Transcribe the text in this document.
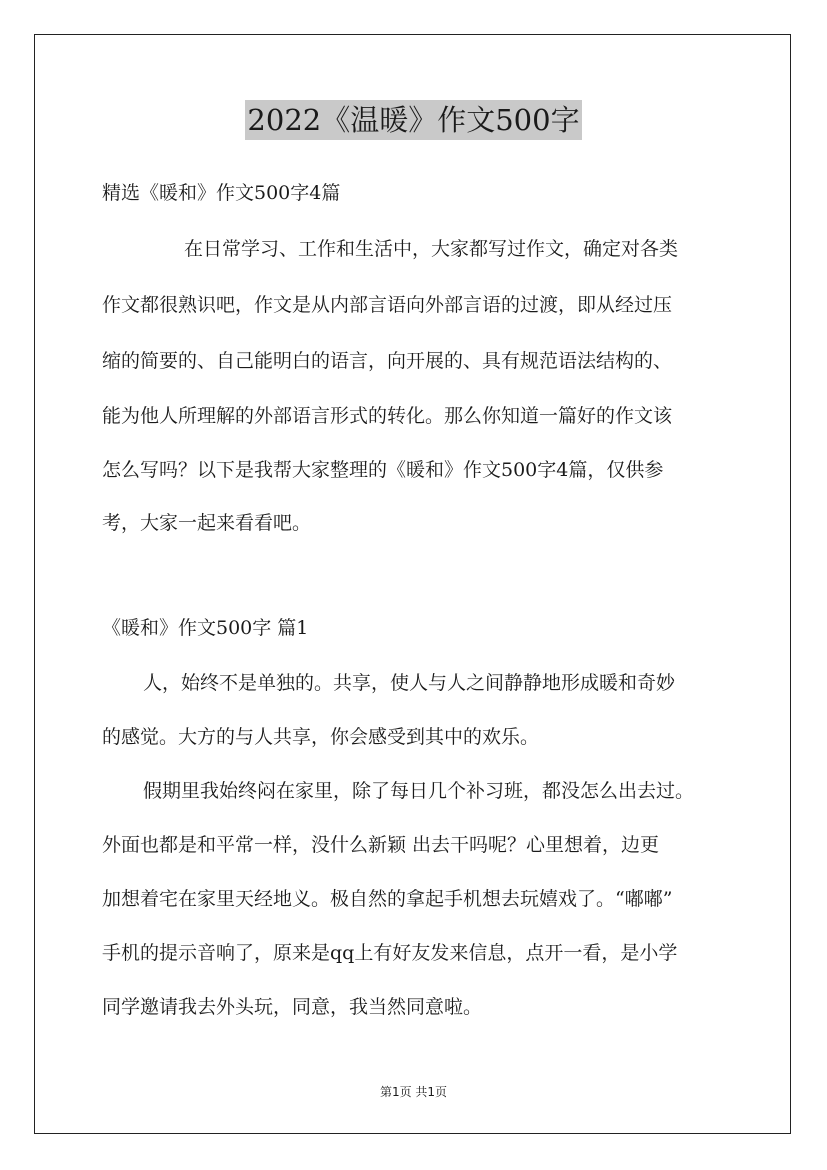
2022《温暖》作文500字
精选《暖和》作文500字4篇
在日常学习、工作和生活中，大家都写过作文，确定对各类
作文都很熟识吧，作文是从内部言语向外部言语的过渡，即从经过压
缩的简要的、自己能明白的语言，向开展的、具有规范语法结构的、
能为他人所理解的外部语言形式的转化。那么你知道一篇好的作文该
怎么写吗？以下是我帮大家整理的《暖和》作文500字4篇，仅供参
考，大家一起来看看吧。
《暖和》作文500字 篇1
人，始终不是单独的。共享，使人与人之间静静地形成暖和奇妙
的感觉。大方的与人共享，你会感受到其中的欢乐。
假期里我始终闷在家里，除了每日几个补习班，都没怎么出去过。
外面也都是和平常一样，没什么新颖 出去干吗呢？心里想着，边更
加想着宅在家里天经地义。极自然的拿起手机想去玩嬉戏了。“嘟嘟”
手机的提示音响了，原来是qq上有好友发来信息，点开一看，是小学
同学邀请我去外头玩，同意，我当然同意啦。
第1页 共1页
